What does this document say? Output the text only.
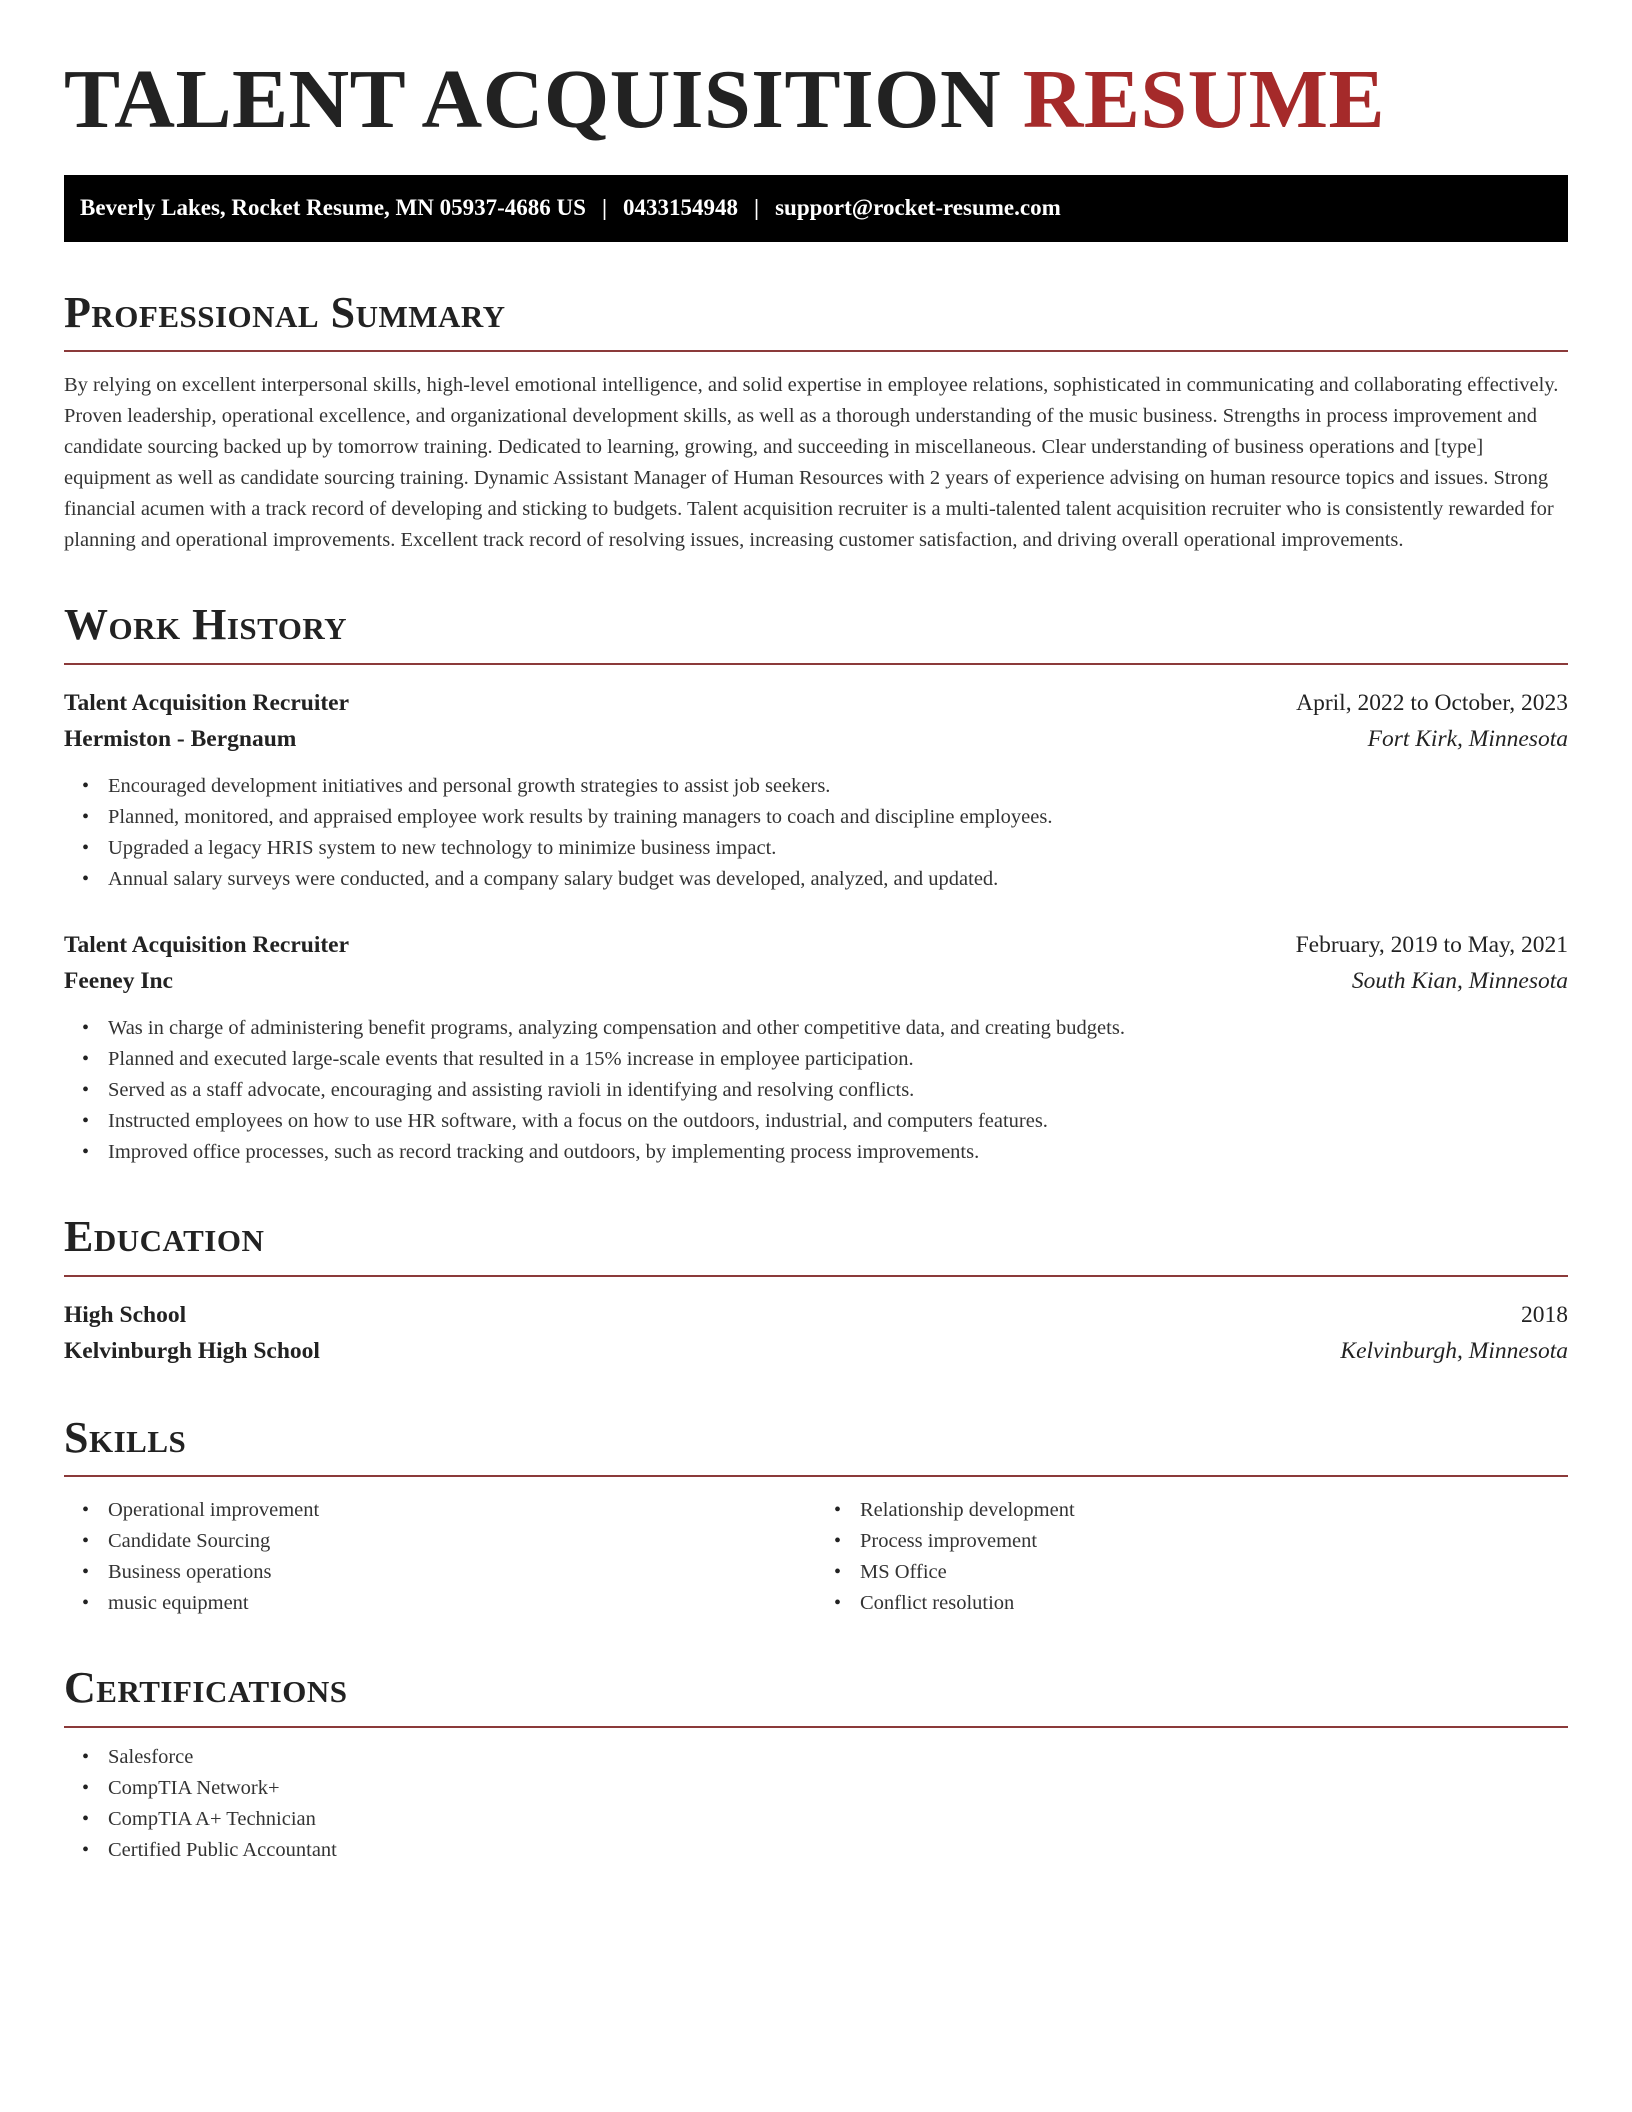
TALENT ACQUISITION RESUME
Beverly Lakes, Rocket Resume, MN 05937-4686 US | 0433154948 | support@rocket-resume.com
Professional Summary

By relying on excellent interpersonal skills, high-level emotional intelligence, and solid expertise in employee relations, sophisticated in communicating and collaborating effectively. Proven leadership, operational excellence, and organizational development skills, as well as a thorough understanding of the music business. Strengths in process improvement and candidate sourcing backed up by tomorrow training. Dedicated to learning, growing, and succeeding in miscellaneous. Clear understanding of business operations and [type] equipment as well as candidate sourcing training. Dynamic Assistant Manager of Human Resources with 2 years of experience advising on human resource topics and issues. Strong financial acumen with a track record of developing and sticking to budgets. Talent acquisition recruiter is a multi-talented talent acquisition recruiter who is consistently rewarded for planning and operational improvements. Excellent track record of resolving issues, increasing customer satisfaction, and driving overall operational improvements.

Work History
Talent Acquisition Recruiter	April, 2022 to October, 2023
Hermiston - Bergnaum	Fort Kirk, Minnesota
• Encouraged development initiatives and personal growth strategies to assist job seekers.
• Planned, monitored, and appraised employee work results by training managers to coach and discipline employees.
• Upgraded a legacy HRIS system to new technology to minimize business impact.
• Annual salary surveys were conducted, and a company salary budget was developed, analyzed, and updated.
Talent Acquisition Recruiter	February, 2019 to May, 2021
Feeney Inc	South Kian, Minnesota
• Was in charge of administering benefit programs, analyzing compensation and other competitive data, and creating budgets.
• Planned and executed large-scale events that resulted in a 15% increase in employee participation.
• Served as a staff advocate, encouraging and assisting ravioli in identifying and resolving conflicts.
• Instructed employees on how to use HR software, with a focus on the outdoors, industrial, and computers features.
• Improved office processes, such as record tracking and outdoors, by implementing process improvements.
Education
High School	2018
Kelvinburgh High School	Kelvinburgh, Minnesota
Skills
• Operational improvement
• Candidate Sourcing
• Business operations
• music equipment
• Relationship development
• Process improvement
• MS Office
• Conflict resolution
Certifications
• Salesforce
• CompTIA Network+
• CompTIA A+ Technician
• Certified Public Accountant
